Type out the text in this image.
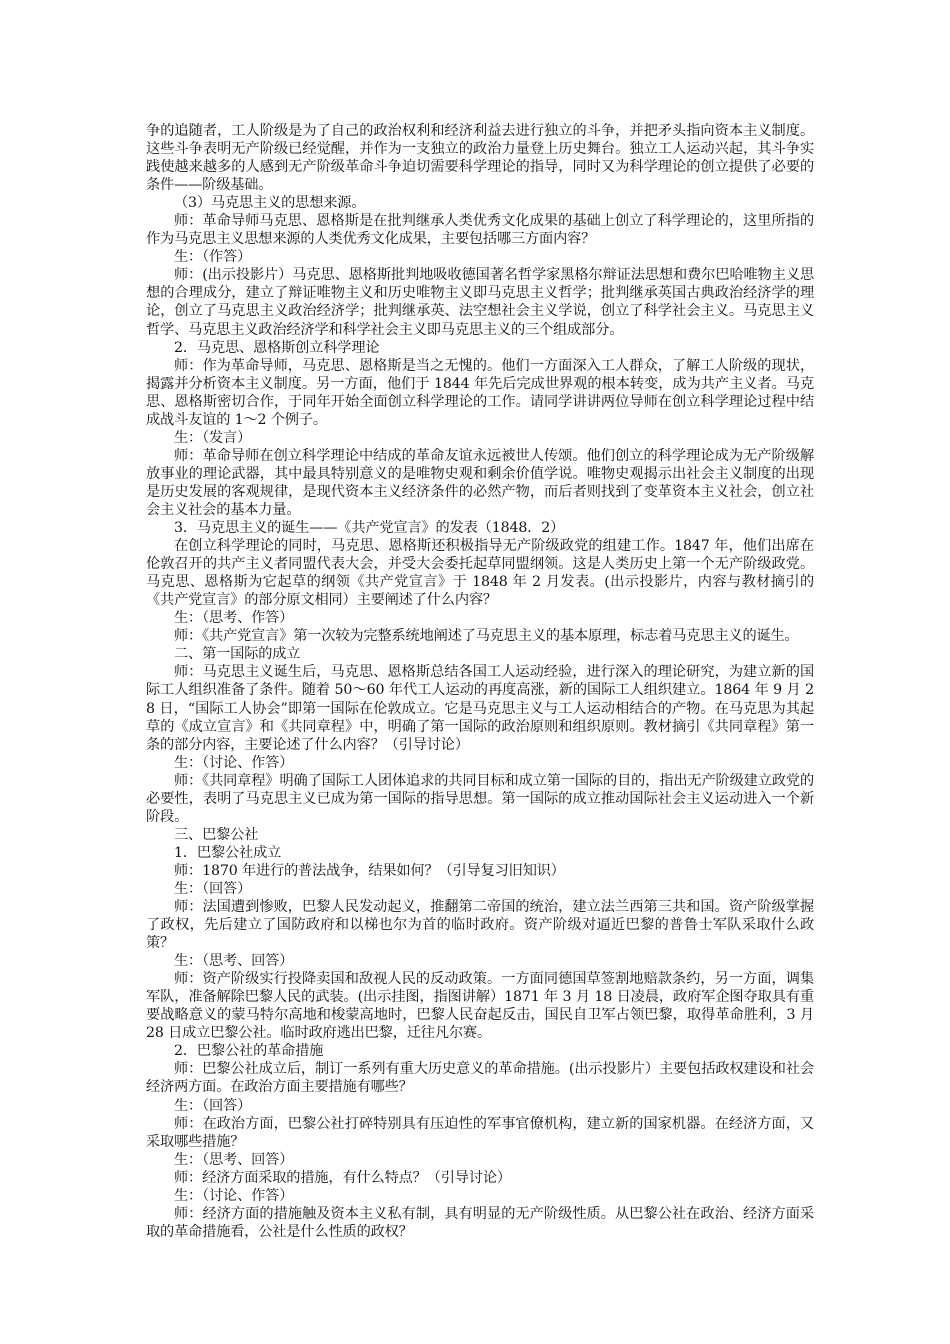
争的追随者，工人阶级是为了自己的政治权利和经济利益去进行独立的斗争，并把矛头指向资本主义制度。这些斗争表明无产阶级已经觉醒，并作为一支独立的政治力量登上历史舞台。独立工人运动兴起，其斗争实践使越来越多的人感到无产阶级革命斗争迫切需要科学理论的指导，同时又为科学理论的创立提供了必要的条件——阶级基础。

（3）马克思主义的思想来源。

师：革命导师马克思、恩格斯是在批判继承人类优秀文化成果的基础上创立了科学理论的，这里所指的作为马克思主义思想来源的人类优秀文化成果，主要包括哪三方面内容？

生：（作答）

师：(出示投影片）马克思、恩格斯批判地吸收德国著名哲学家黑格尔辩证法思想和费尔巴哈唯物主义思想的合理成分，建立了辩证唯物主义和历史唯物主义即马克思主义哲学；批判继承英国古典政治经济学的理论，创立了马克思主义政治经济学；批判继承英、法空想社会主义学说，创立了科学社会主义。马克思主义哲学、马克思主义政治经济学和科学社会主义即马克思主义的三个组成部分。

2．马克思、恩格斯创立科学理论

师：作为革命导师，马克思、恩格斯是当之无愧的。他们一方面深入工人群众，了解工人阶级的现状，揭露并分析资本主义制度。另一方面，他们于 1844 年先后完成世界观的根本转变，成为共产主义者。马克思、恩格斯密切合作，于同年开始全面创立科学理论的工作。请同学讲讲两位导师在创立科学理论过程中结成战斗友谊的 1～2 个例子。

生：（发言）

师：革命导师在创立科学理论中结成的革命友谊永远被世人传颂。他们创立的科学理论成为无产阶级解放事业的理论武器，其中最具特别意义的是唯物史观和剩余价值学说。唯物史观揭示出社会主义制度的出现是历史发展的客观规律，是现代资本主义经济条件的必然产物，而后者则找到了变革资本主义社会，创立社会主义社会的基本力量。

3．马克思主义的诞生——《共产党宣言》的发表（1848．2）

在创立科学理论的同时，马克思、恩格斯还积极指导无产阶级政党的组建工作。1847 年，他们出席在伦敦召开的共产主义者同盟代表大会，并受大会委托起草同盟纲领。这是人类历史上第一个无产阶级政党。马克思、恩格斯为它起草的纲领《共产党宣言》于 1848 年 2 月发表。(出示投影片，内容与教材摘引的《共产党宣言》的部分原文相同）主要阐述了什么内容？

生：（思考、作答）

师：《共产党宣言》第一次较为完整系统地阐述了马克思主义的基本原理，标志着马克思主义的诞生。

二、第一国际的成立

师：马克思主义诞生后，马克思、恩格斯总结各国工人运动经验，进行深入的理论研究，为建立新的国际工人组织准备了条件。随着 50～60 年代工人运动的再度高涨，新的国际工人组织建立。1864 年 9 月 28 日，“国际工人协会”即第一国际在伦敦成立。它是马克思主义与工人运动相结合的产物。在马克思为其起草的《成立宣言》和《共同章程》中，明确了第一国际的政治原则和组织原则。教材摘引《共同章程》第一条的部分内容，主要论述了什么内容？（引导讨论）

生：（讨论、作答）

师：《共同章程》明确了国际工人团体追求的共同目标和成立第一国际的目的，指出无产阶级建立政党的必要性，表明了马克思主义已成为第一国际的指导思想。第一国际的成立推动国际社会主义运动进入一个新阶段。

三、巴黎公社

1．巴黎公社成立

师：1870 年进行的普法战争，结果如何？（引导复习旧知识）

生：（回答）

师：法国遭到惨败，巴黎人民发动起义，推翻第二帝国的统治，建立法兰西第三共和国。资产阶级掌握了政权，先后建立了国防政府和以梯也尔为首的临时政府。资产阶级对逼近巴黎的普鲁士军队采取什么政策？

生：（思考、回答）

师：资产阶级实行投降卖国和敌视人民的反动政策。一方面同德国草签割地赔款条约，另一方面，调集军队，准备解除巴黎人民的武装。(出示挂图，指图讲解）1871 年 3 月 18 日凌晨，政府军企图夺取具有重要战略意义的蒙马特尔高地和梭蒙高地时，巴黎人民奋起反击，国民自卫军占领巴黎，取得革命胜利，3 月 28 日成立巴黎公社。临时政府逃出巴黎，迁往凡尔赛。

2．巴黎公社的革命措施

师：巴黎公社成立后，制订一系列有重大历史意义的革命措施。(出示投影片）主要包括政权建设和社会经济两方面。在政治方面主要措施有哪些？

生：（回答）

师：在政治方面，巴黎公社打碎特别具有压迫性的军事官僚机构，建立新的国家机器。在经济方面，又采取哪些措施？

生：（思考、回答）

师：经济方面采取的措施，有什么特点？（引导讨论）

生：（讨论、作答）

师：经济方面的措施触及资本主义私有制，具有明显的无产阶级性质。从巴黎公社在政治、经济方面采取的革命措施看，公社是什么性质的政权？
